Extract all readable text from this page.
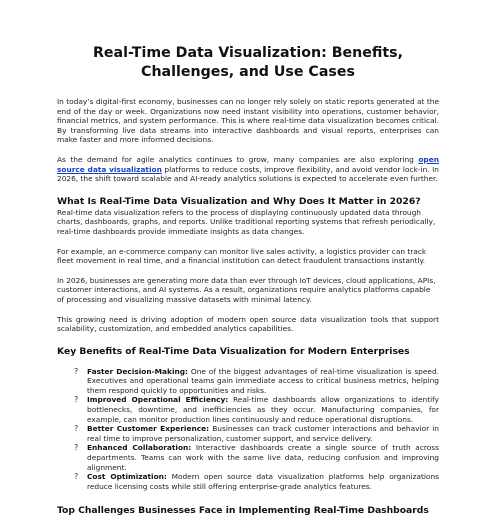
Real-Time Data Visualization: Benefits, Challenges, and Use Cases

In today’s digital-first economy, businesses can no longer rely solely on static reports generated at the end of the day or week. Organizations now need instant visibility into operations, customer behavior, financial metrics, and system performance. This is where real-time data visualization becomes critical. By transforming live data streams into interactive dashboards and visual reports, enterprises can make faster and more informed decisions.

As the demand for agile analytics continues to grow, many companies are also exploring open source data visualization platforms to reduce costs, improve flexibility, and avoid vendor lock-in. In 2026, the shift toward scalable and AI-ready analytics solutions is expected to accelerate even further.

What Is Real-Time Data Visualization and Why Does It Matter in 2026?

Real-time data visualization refers to the process of displaying continuously updated data through charts, dashboards, graphs, and reports. Unlike traditional reporting systems that refresh periodically, real-time dashboards provide immediate insights as data changes.

For example, an e-commerce company can monitor live sales activity, a logistics provider can track fleet movement in real time, and a financial institution can detect fraudulent transactions instantly.

In 2026, businesses are generating more data than ever through IoT devices, cloud applications, APIs, customer interactions, and AI systems. As a result, organizations require analytics platforms capable of processing and visualizing massive datasets with minimal latency.

This growing need is driving adoption of modern open source data visualization tools that support scalability, customization, and embedded analytics capabilities.

Key Benefits of Real-Time Data Visualization for Modern Enterprises
? Faster Decision-Making: One of the biggest advantages of real-time visualization is speed. Executives and operational teams gain immediate access to critical business metrics, helping them respond quickly to opportunities and risks.
? Improved Operational Efficiency: Real-time dashboards allow organizations to identify bottlenecks, downtime, and inefficiencies as they occur. Manufacturing companies, for example, can monitor production lines continuously and reduce operational disruptions.
? Better Customer Experience: Businesses can track customer interactions and behavior in real time to improve personalization, customer support, and service delivery.
? Enhanced Collaboration: Interactive dashboards create a single source of truth across departments. Teams can work with the same live data, reducing confusion and improving alignment.
? Cost Optimization: Modern open source data visualization platforms help organizations reduce licensing costs while still offering enterprise-grade analytics features.
Top Challenges Businesses Face in Implementing Real-Time Dashboards
